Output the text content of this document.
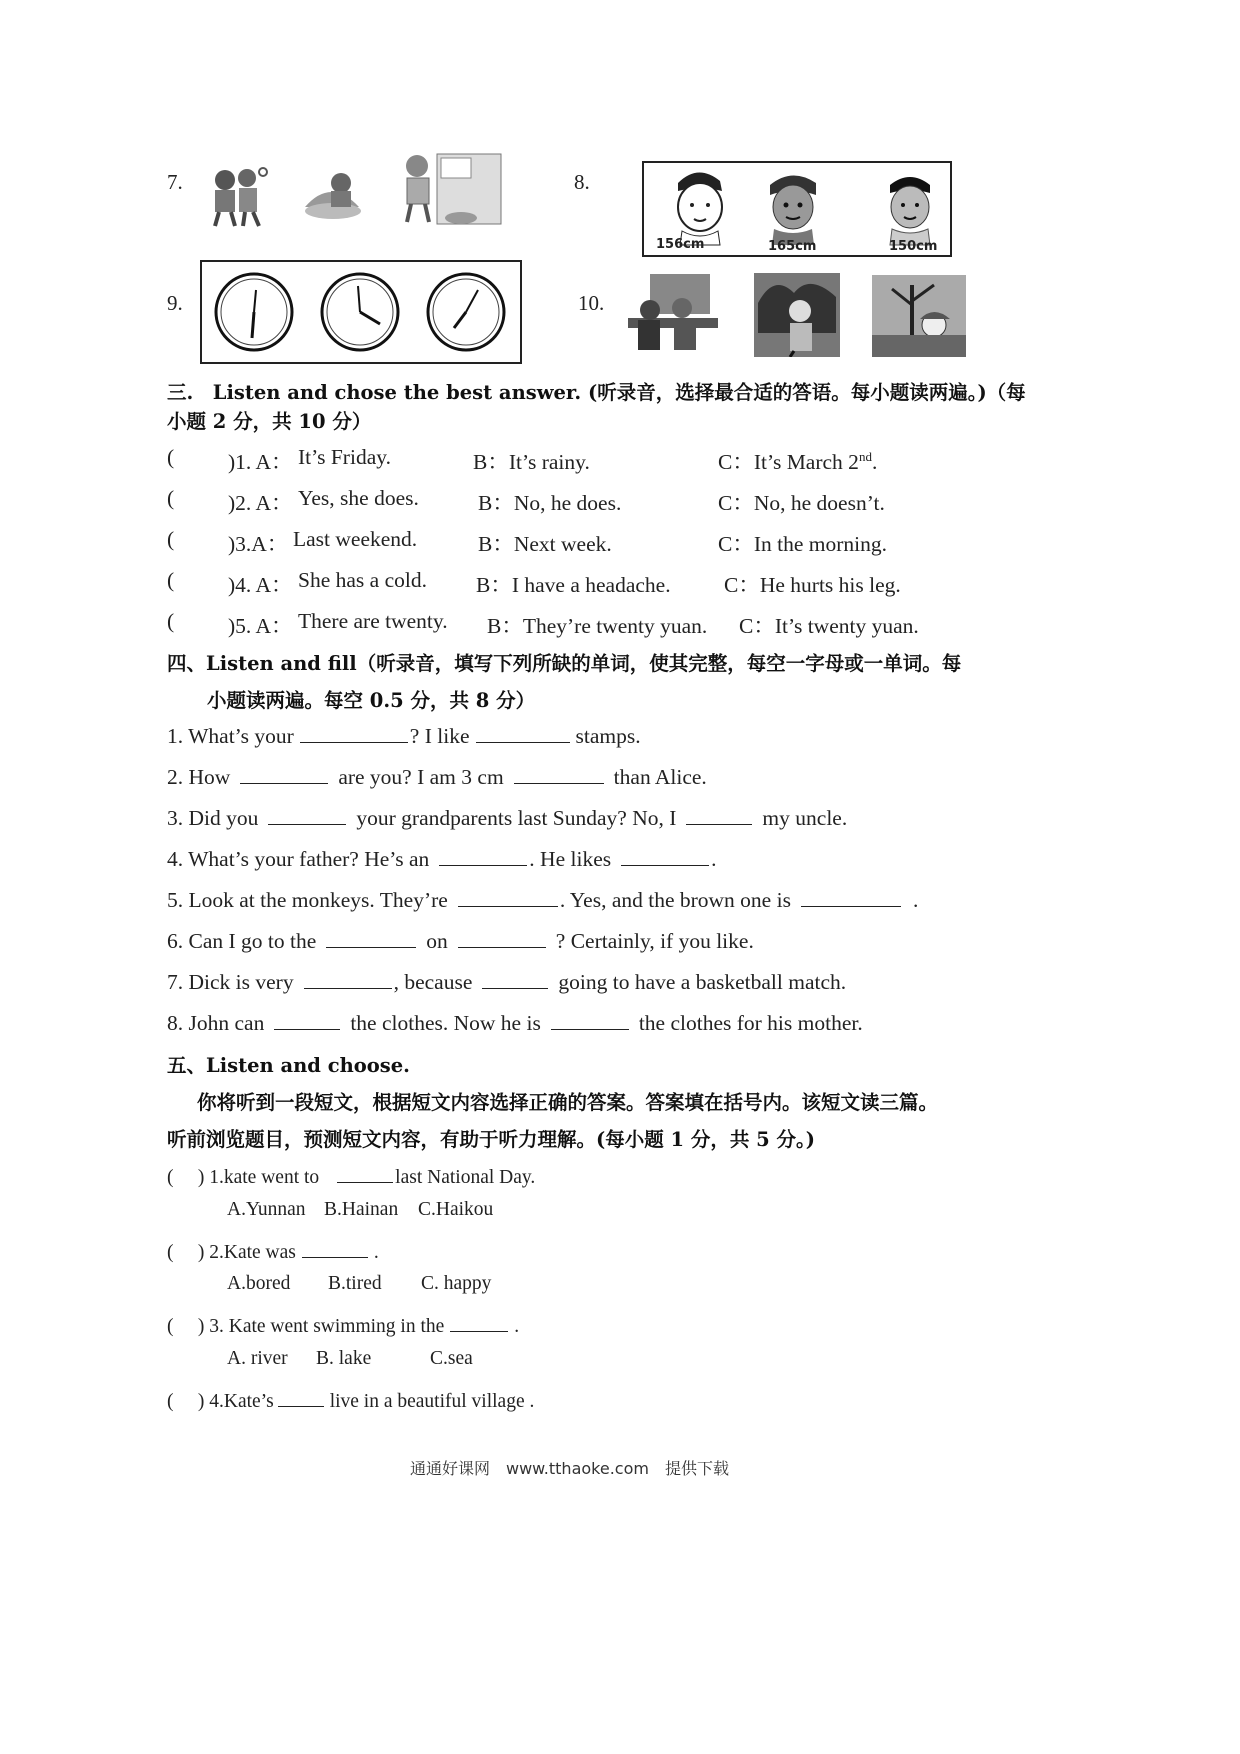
7.	8.
156cm	165cm	150cm
9.	10.
三.　Listen and chose the best answer. (听录音，选择最合适的答语。每小题读两遍。)（每
小题 2 分，共 10 分）
(	)1. A： It’s Friday.	B：It’s rainy.	C：It’s March 2nd.
(	)2. A： Yes, she does.	B：No, he does.	C：No, he doesn’t.
(	)3.A： Last weekend.	B：Next week.	C：In the morning.
(	)4. A： She has a cold. B：I have a headache. C：He hurts his leg.
(	)5. A： There are twenty. B：They’re twenty yuan. C：It’s twenty yuan.
四、Listen and fill（听录音，填写下列所缺的单词，使其完整，每空一字母或一单词。每
小题读两遍。每空 0.5 分，共 8 分）
1. What’s your	? I like	stamps.
2. How	are you? I am 3 cm	than Alice.
3. Did you	your grandparents last Sunday? No, I	my uncle.
4. What’s your father? He’s an	. He likes	.
5. Look at the monkeys. They’re	. Yes, and the brown one is	.
6. Can I go to the	on	? Certainly, if you like.
7. Dick is very	, because	going to have a basketball match.
8. John can	the clothes. Now he is	the clothes for his mother.
五、Listen and choose.
你将听到一段短文，根据短文内容选择正确的答案。答案填在括号内。该短文读三篇。
听前浏览题目，预测短文内容，有助于听力理解。(每小题 1 分，共 5 分。)
(　 ) 1.kate went to	last National Day.
A.Yunnan B.Hainan C.Haikou
(　 ) 2.Kate was	.
A.bored B.tired C. happy
(　 ) 3. Kate went swimming in the	.
A. river B. lake	C.sea
(　 ) 4.Kate’s	live in a beautiful village .
通通好课网　www.tthaoke.com　提供下载
